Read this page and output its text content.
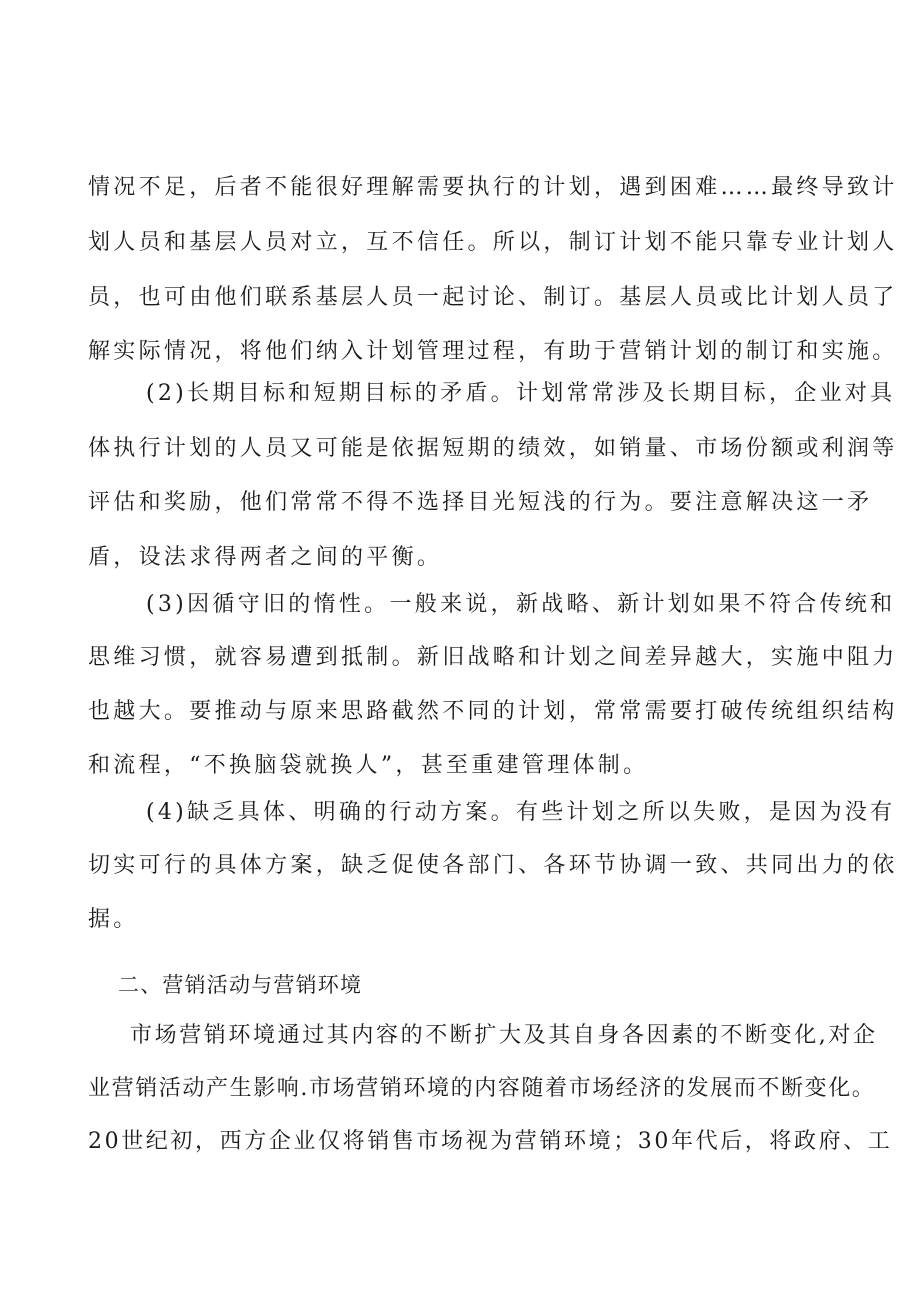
情况不足，后者不能很好理解需要执行的计划，遇到困难……最终导致计
划人员和基层人员对立，互不信任。所以，制订计划不能只靠专业计划人
员，也可由他们联系基层人员一起讨论、制订。基层人员或比计划人员了
解实际情况，将他们纳入计划管理过程，有助于营销计划的制订和实施。
(2)长期目标和短期目标的矛盾。计划常常涉及长期目标，企业对具
体执行计划的人员又可能是依据短期的绩效，如销量、市场份额或利润等
评估和奖励，他们常常不得不选择目光短浅的行为。要注意解决这一矛
盾，设法求得两者之间的平衡。
(3)因循守旧的惰性。一般来说，新战略、新计划如果不符合传统和
思维习惯，就容易遭到抵制。新旧战略和计划之间差异越大，实施中阻力
也越大。要推动与原来思路截然不同的计划，常常需要打破传统组织结构
和流程，“不换脑袋就换人”，甚至重建管理体制。
(4)缺乏具体、明确的行动方案。有些计划之所以失败，是因为没有
切实可行的具体方案，缺乏促使各部门、各环节协调一致、共同出力的依
据。
二、营销活动与营销环境
市场营销环境通过其内容的不断扩大及其自身各因素的不断变化,对企
业营销活动产生影响.市场营销环境的内容随着市场经济的发展而不断变化。
20世纪初，西方企业仅将销售市场视为营销环境；30年代后，将政府、工
